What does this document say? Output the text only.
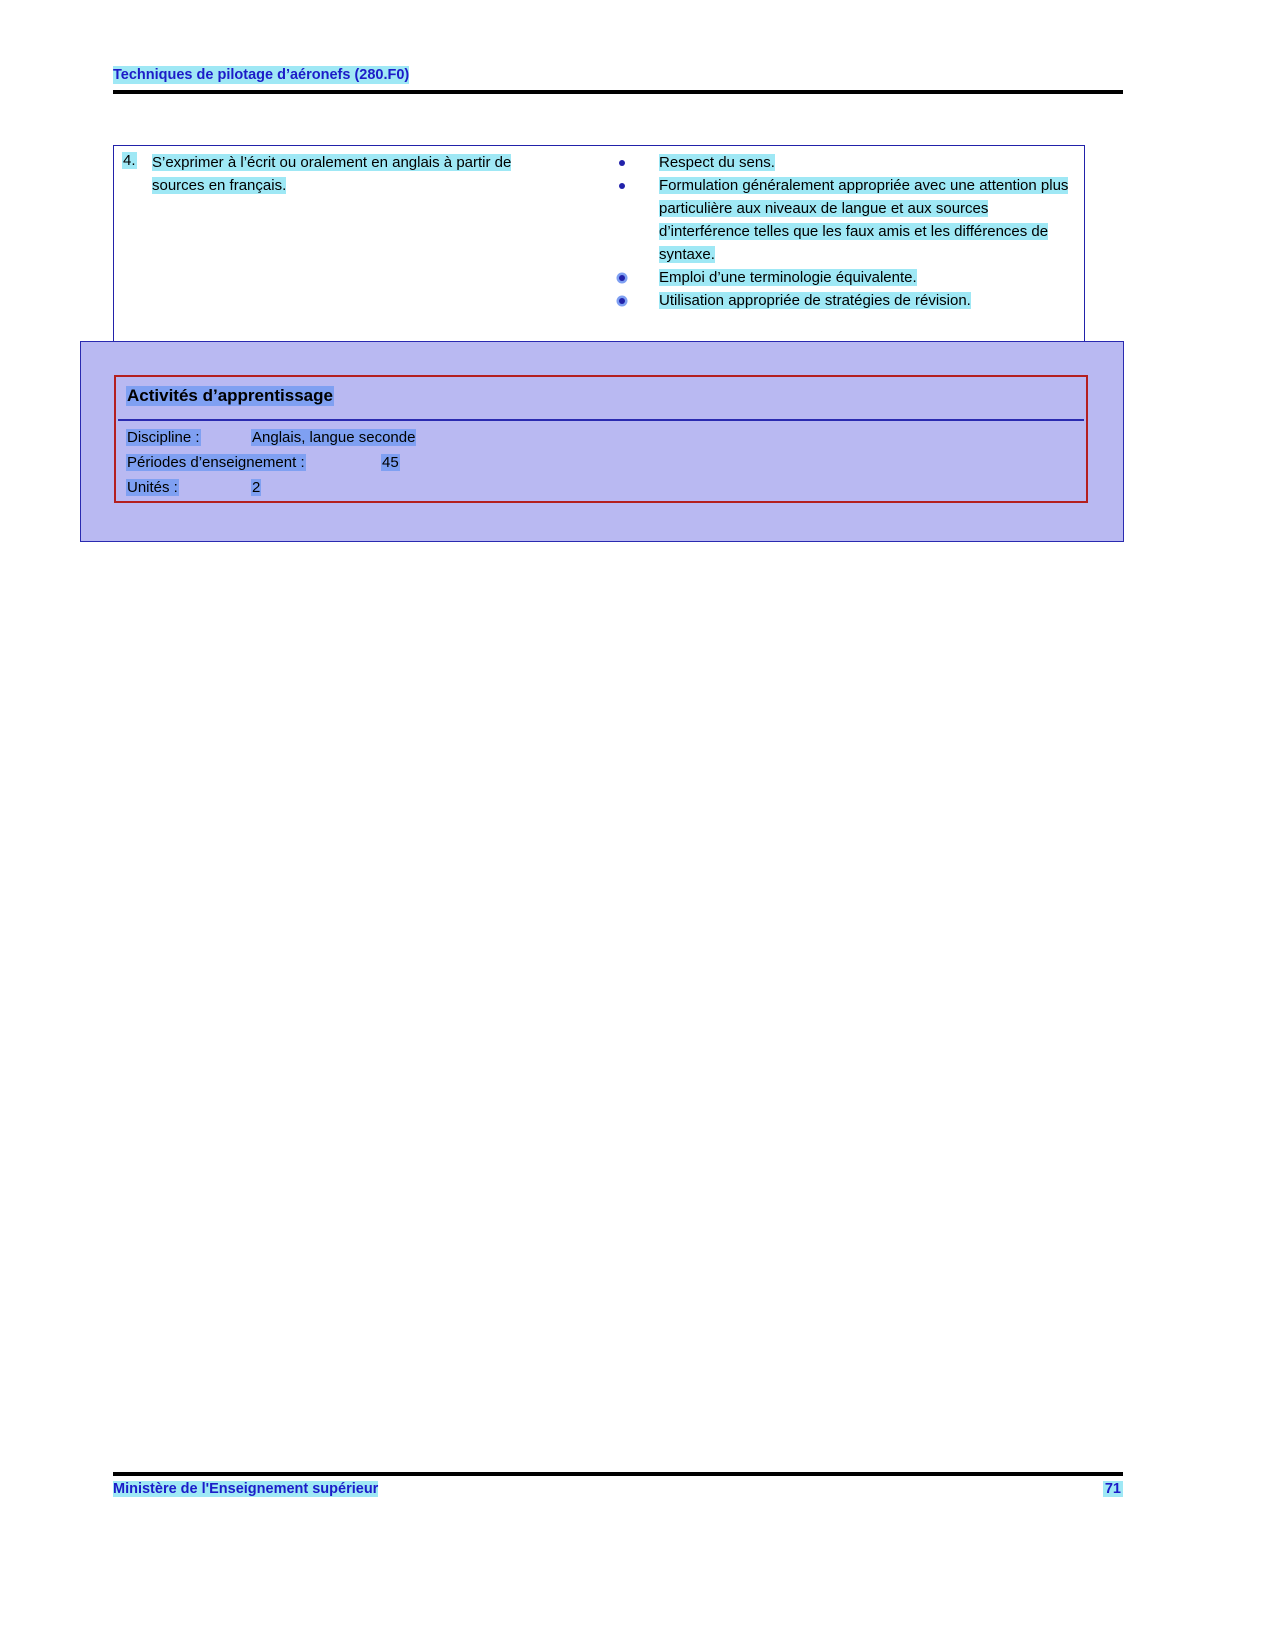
Techniques de pilotage d’aéronefs (280.F0)
4. S’exprimer à l’écrit ou oralement en anglais à partir de sources en français.
Respect du sens.
Formulation généralement appropriée avec une attention plus particulière aux niveaux de langue et aux sources d’interférence telles que les faux amis et les différences de syntaxe.
Emploi d’une terminologie équivalente.
Utilisation appropriée de stratégies de révision.
Activités d’apprentissage
Discipline :	Anglais, langue seconde
Périodes d’enseignement :	45
Unités :	2
Ministère de l'Enseignement supérieur	71
